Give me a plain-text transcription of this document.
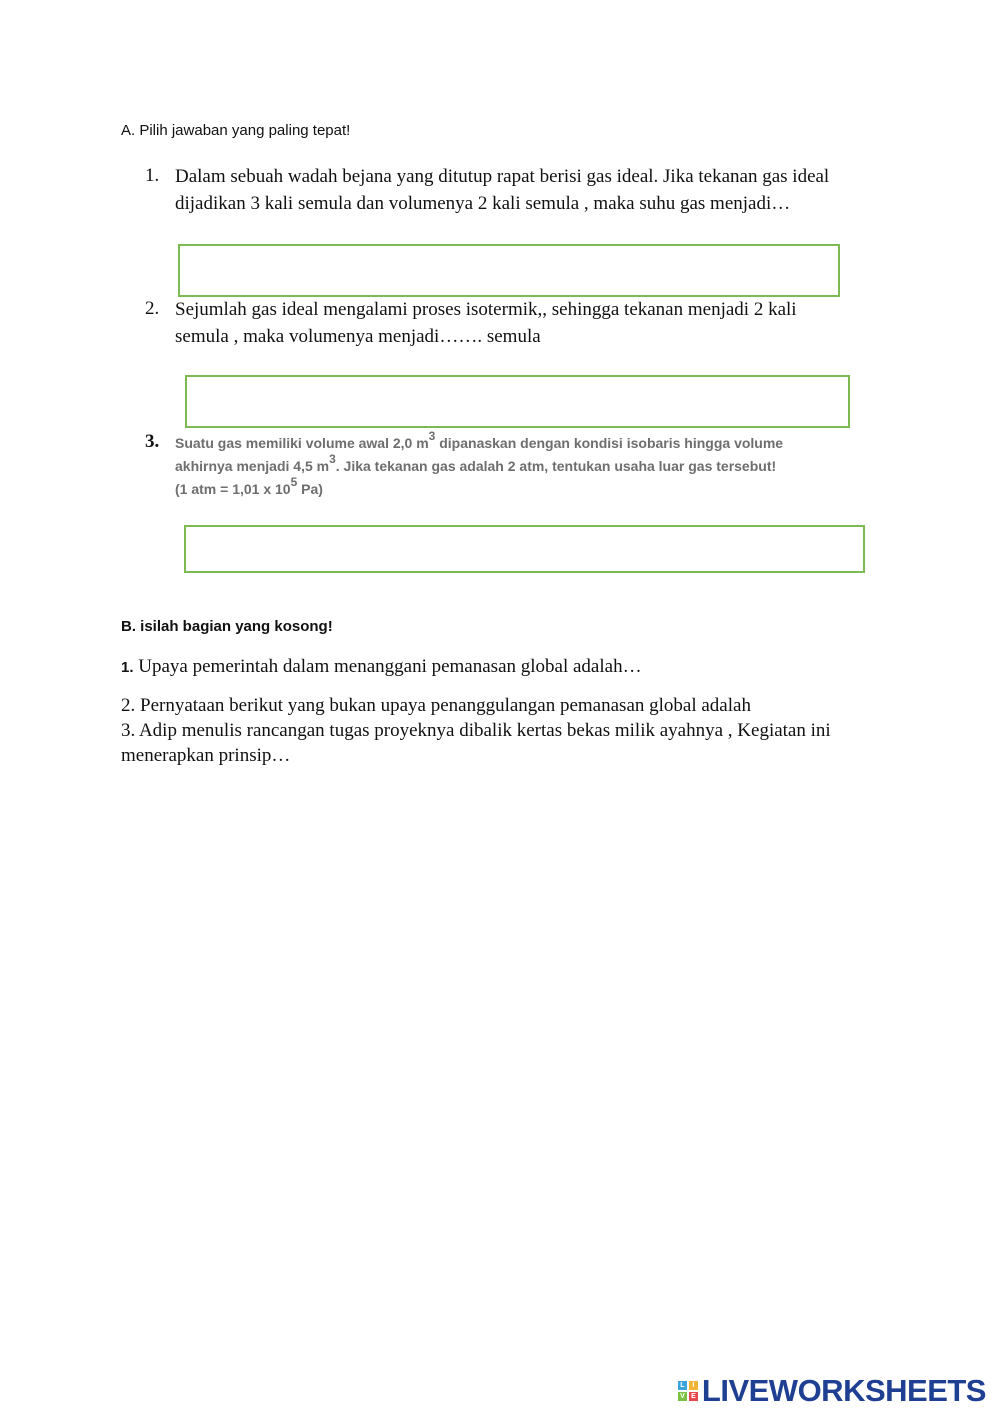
A. Pilih jawaban yang paling tepat!
1. Dalam sebuah wadah bejana yang ditutup rapat berisi gas ideal. Jika tekanan gas ideal
dijadikan 3 kali semula dan volumenya 2 kali semula , maka suhu gas menjadi…
2. Sejumlah gas ideal mengalami proses isotermik,, sehingga tekanan menjadi 2 kali
semula , maka volumenya menjadi……. semula
3. Suatu gas memiliki volume awal 2,0 $m^3$ dipanaskan dengan kondisi isobaris hingga volume
akhirnya menjadi 4,5 $m^3$. Jika tekanan gas adalah 2 atm, tentukan usaha luar gas tersebut!
(1 atm = 1,01 x $10^5$ Pa)
B. isilah bagian yang kosong!
1. Upaya pemerintah dalam menanggani pemanasan global adalah…
2. Pernyataan berikut yang bukan upaya penanggulangan pemanasan global adalah
3. Adip menulis rancangan tugas proyeknya dibalik kertas bekas milik ayahnya , Kegiatan ini menerapkan prinsip…
L	I
V E LIVEWORKSHEETS
